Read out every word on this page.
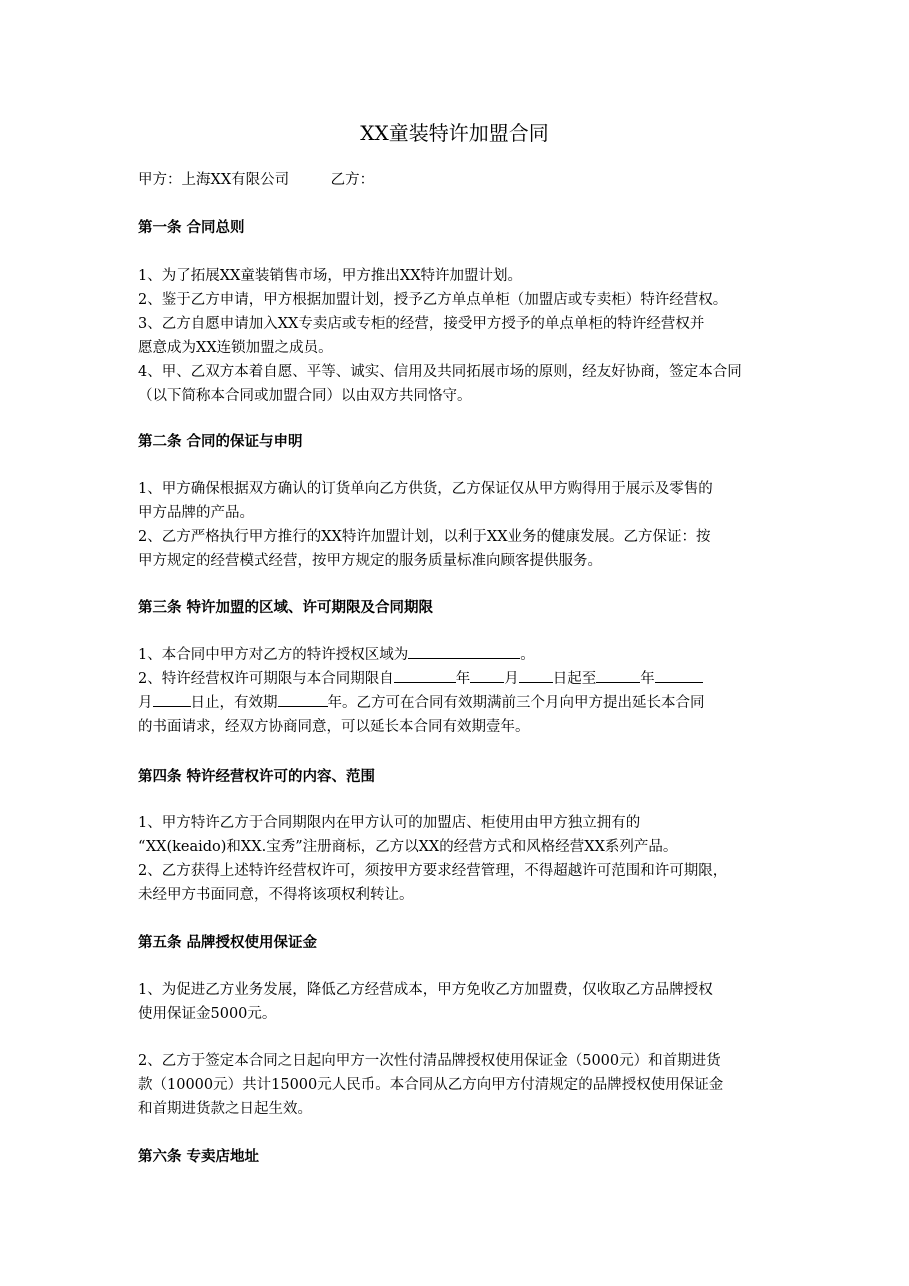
XX童装特许加盟合同
甲方：上海XX有限公司	乙方：
第一条 合同总则
1、为了拓展XX童装销售市场，甲方推出XX特许加盟计划。
2、鉴于乙方申请，甲方根据加盟计划，授予乙方单点单柜（加盟店或专卖柜）特许经营权。
3、乙方自愿申请加入XX专卖店或专柜的经营，接受甲方授予的单点单柜的特许经营权并
愿意成为XX连锁加盟之成员。
4、甲、乙双方本着自愿、平等、诚实、信用及共同拓展市场的原则，经友好协商，签定本合同
（以下简称本合同或加盟合同）以由双方共同恪守。
第二条 合同的保证与申明
1、甲方确保根据双方确认的订货单向乙方供货，乙方保证仅从甲方购得用于展示及零售的
甲方品牌的产品。
2、乙方严格执行甲方推行的XX特许加盟计划，以利于XX业务的健康发展。乙方保证：按
甲方规定的经营模式经营，按甲方规定的服务质量标准向顾客提供服务。
第三条 特许加盟的区域、许可期限及合同期限
1、本合同中甲方对乙方的特许授权区域为	。
2、特许经营权许可期限与本合同期限自	年 月 日起至	年
月	日止，有效期	年。乙方可在合同有效期满前三个月向甲方提出延长本合同
的书面请求，经双方协商同意，可以延长本合同有效期壹年。
第四条 特许经营权许可的内容、范围
1、甲方特许乙方于合同期限内在甲方认可的加盟店、柜使用由甲方独立拥有的
“XX(keaido)和XX.宝秀”注册商标，乙方以XX的经营方式和风格经营XX系列产品。
2、乙方获得上述特许经营权许可，须按甲方要求经营管理，不得超越许可范围和许可期限，
未经甲方书面同意，不得将该项权利转让。
第五条 品牌授权使用保证金
1、为促进乙方业务发展，降低乙方经营成本，甲方免收乙方加盟费，仅收取乙方品牌授权
使用保证金5000元。
2、乙方于签定本合同之日起向甲方一次性付清品牌授权使用保证金（5000元）和首期进货
款（10000元）共计15000元人民币。本合同从乙方向甲方付清规定的品牌授权使用保证金
和首期进货款之日起生效。
第六条 专卖店地址
